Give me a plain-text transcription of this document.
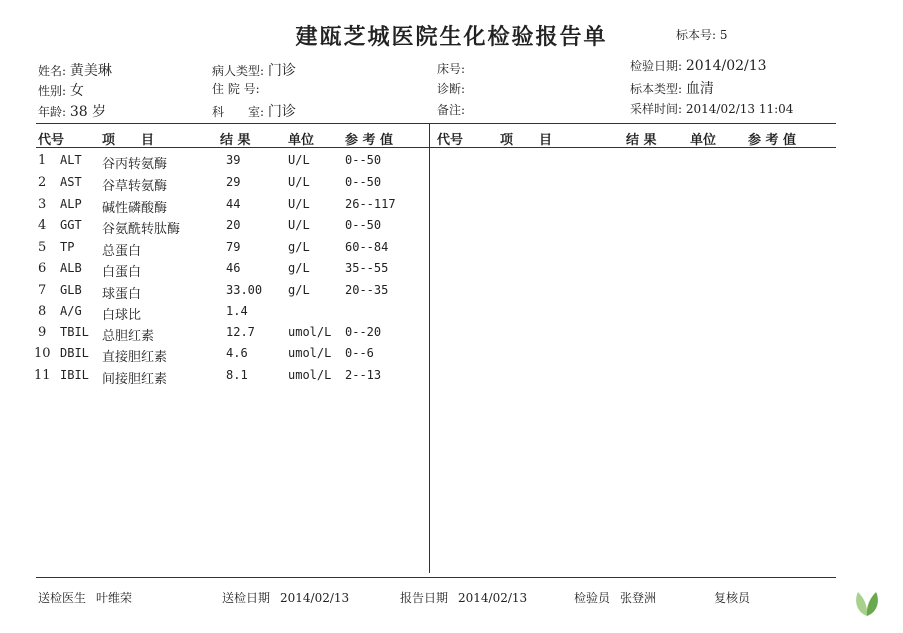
建瓯芝城医院生化检验报告单	标本号: 5
姓名: 黄美琳
性别: 女
年龄: 38 岁
病人类型: 门诊
住 院 号:
科　　室: 门诊
床号:
诊断:
备注:
检验日期: 2014/02/13
标本类型: 血清
采样时间: 2014/02/13 11:04
代号	项　　目	结 果	单位 参 考 值	代号	项　　目	结 果	单位 参 考 值
1 ALT 谷丙转氨酶	39	U/L	0--50
2 AST 谷草转氨酶	29	U/L	0--50
3 ALP 碱性磷酸酶	44	U/L	26--117
4 GGT 谷氨酰转肽酶	20	U/L	0--50
5 TP 总蛋白	79	g/L	60--84
6 ALB 白蛋白	46	g/L	35--55
7 GLB 球蛋白	33.00 g/L	20--35
8 A/G 白球比	1.4
9 TBIL 总胆红素	12.7	umol/L 0--20
10 DBIL 直接胆红素	4.6	umol/L 0--6
11 IBIL 间接胆红素	8.1	umol/L 2--13
送检医生 叶维荣	送检日期 2014/02/13	报告日期 2014/02/13	检验员 张登洲	复核员
